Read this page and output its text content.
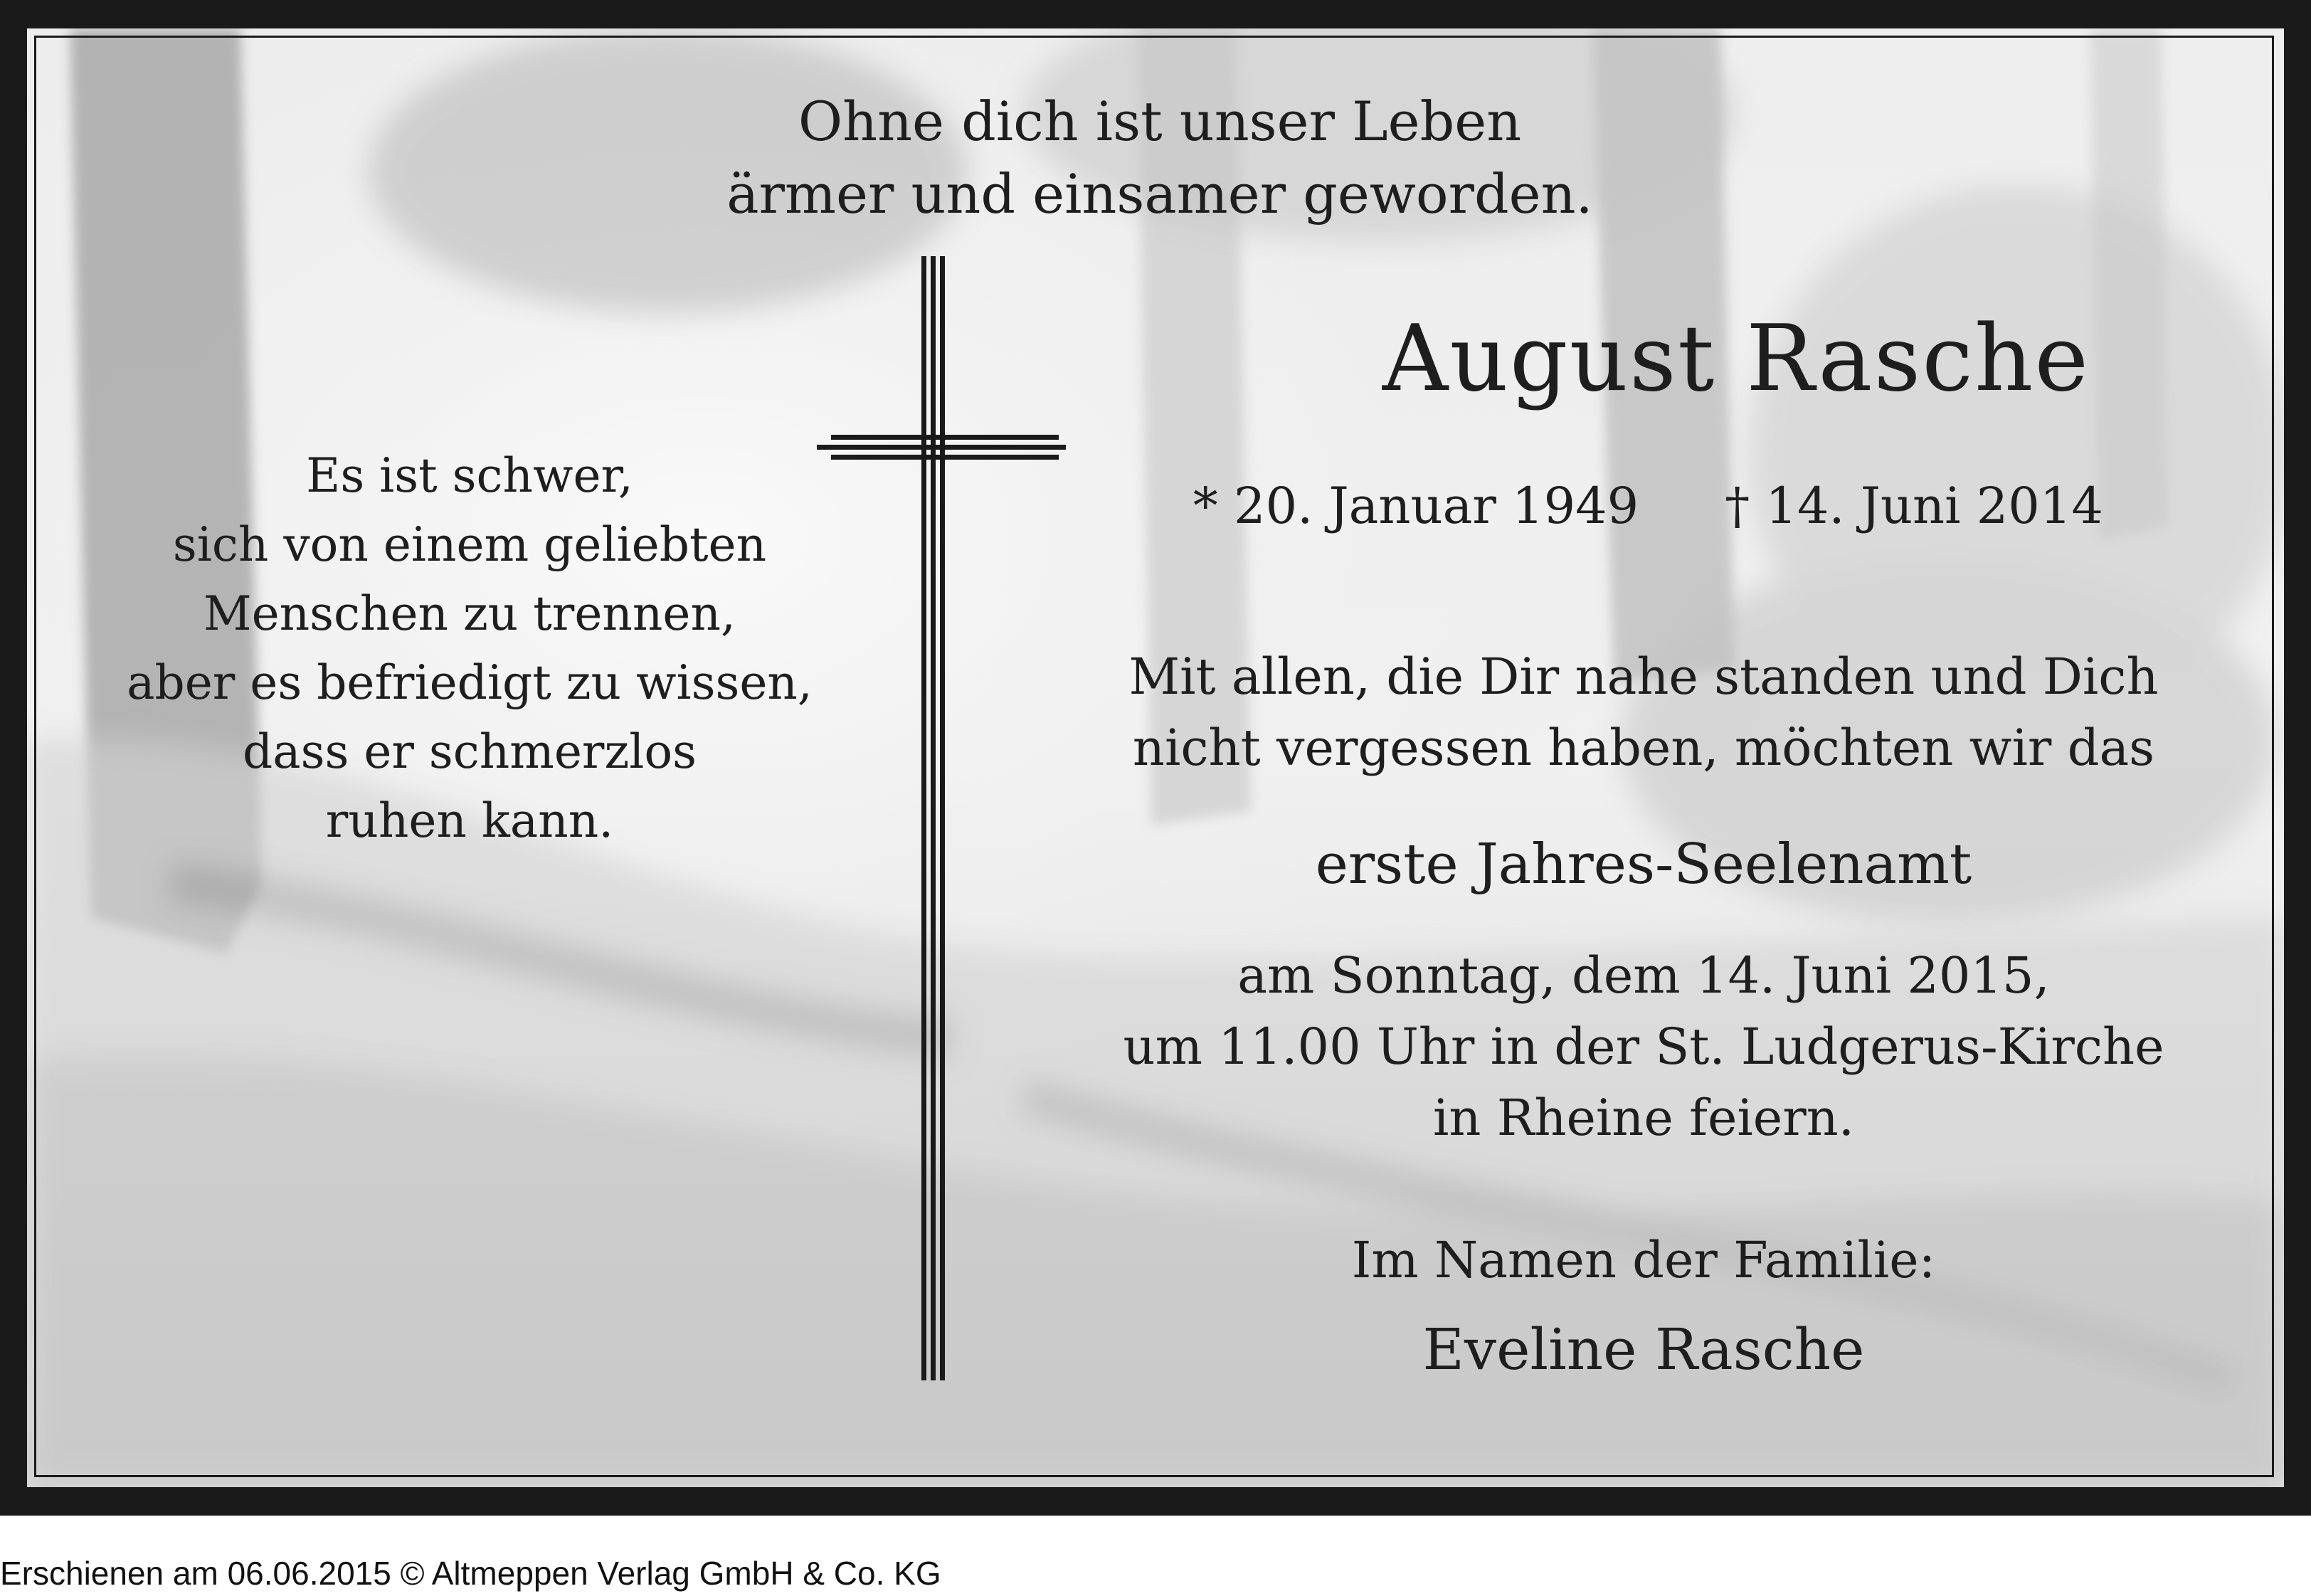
Ohne dich ist unser Leben
ärmer und einsamer geworden.
Es ist schwer,
sich von einem geliebten
Menschen zu trennen,
aber es befriedigt zu wissen,
dass er schmerzlos
ruhen kann.
August Rasche
* 20. Januar 1949	† 14. Juni 2014
Mit allen, die Dir nahe standen und Dich
nicht vergessen haben, möchten wir das
erste Jahres-Seelenamt
am Sonntag, dem 14. Juni 2015,
um 11.00 Uhr in der St. Ludgerus-Kirche
in Rheine feiern.
Im Namen der Familie:
Eveline Rasche
Erschienen am 06.06.2015 © Altmeppen Verlag GmbH & Co. KG
